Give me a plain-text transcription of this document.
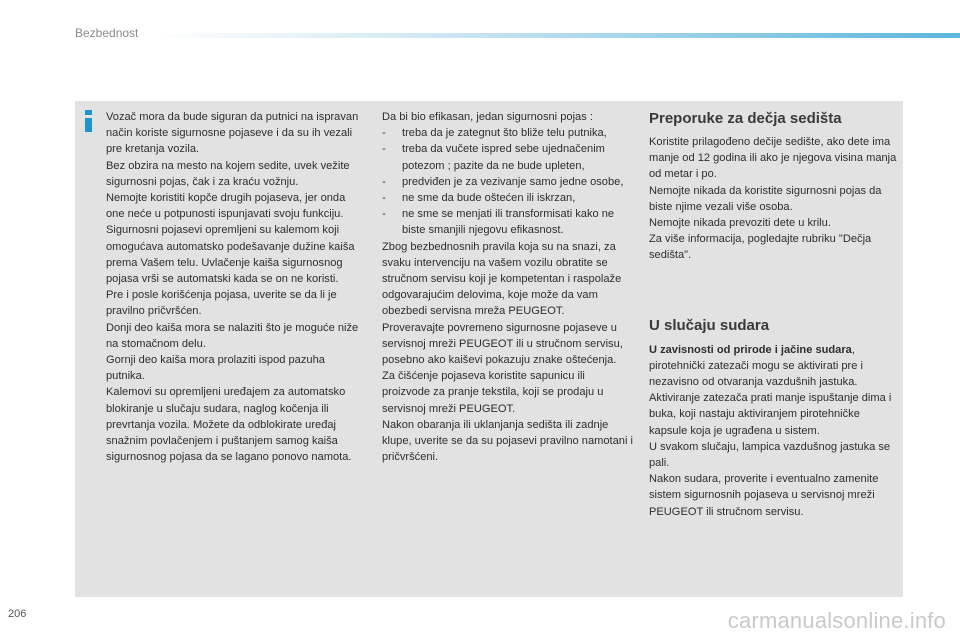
Bezbednost

Vozač mora da bude siguran da putnici na ispravan način koriste sigurnosne pojaseve i da su ih vezali pre kretanja vozila.

Bez obzira na mesto na kojem sedite, uvek vežite sigurnosni pojas, čak i za kraću vožnju.

Nemojte koristiti kopče drugih pojaseva, jer onda one neće u potpunosti ispunjavati svoju funkciju.

Sigurnosni pojasevi opremljeni su kalemom koji omogućava automatsko podešavanje dužine kaiša prema Vašem telu. Uvlačenje kaiša sigurnosnog pojasa vrši se automatski kada se on ne koristi.

Pre i posle korišćenja pojasa, uverite se da li je pravilno pričvršćen.

Donji deo kaiša mora se nalaziti što je moguće niže na stomačnom delu.

Gornji deo kaiša mora prolaziti ispod pazuha putnika.

Kalemovi su opremljeni uređajem za automatsko blokiranje u slučaju sudara, naglog kočenja ili prevrtanja vozila. Možete da odblokirate uređaj snažnim povlačenjem i puštanjem samog kaiša sigurnosnog pojasa da se lagano ponovo namota.

Da bi bio efikasan, jedan sigurnosni pojas :

- treba da je zategnut što bliže telu putnika,
- treba da vučete ispred sebe ujednačenim potezom ; pazite da ne bude upleten,
- predviđen je za vezivanje samo jedne osobe,
- ne sme da bude oštećen ili iskrzan,
- ne sme se menjati ili transformisati kako ne biste smanjili njegovu efikasnost.

Zbog bezbednosnih pravila koja su na snazi, za svaku intervenciju na vašem vozilu obratite se stručnom servisu koji je kompetentan i raspolaže odgovarajućim delovima, koje može da vam obezbedi servisna mreža PEUGEOT.

Proveravajte povremeno sigurnosne pojaseve u servisnoj mreži PEUGEOT ili u stručnom servisu, posebno ako kaiševi pokazuju znake oštećenja.

Za čišćenje pojaseva koristite sapunicu ili proizvode za pranje tekstila, koji se prodaju u servisnoj mreži PEUGEOT.

Nakon obaranja ili uklanjanja sedišta ili zadnje klupe, uverite se da su pojasevi pravilno namotani i pričvršćeni.

Preporuke za dečja sedišta

Koristite prilagođeno dečije sedište, ako dete ima manje od 12 godina ili ako je njegova visina manja od metar i po.

Nemojte nikada da koristite sigurnosni pojas da biste njime vezali više osoba.

Nemojte nikada prevoziti dete u krilu.

Za više informacija, pogledajte rubriku "Dečja sedišta".

U slučaju sudara

U zavisnosti od prirode i jačine sudara, pirotehnički zatezači mogu se aktivirati pre i nezavisno od otvaranja vazdušnih jastuka.

Aktiviranje zatezača prati manje ispuštanje dima i buka, koji nastaju aktiviranjem pirotehničke kapsule koja je ugrađena u sistem.

U svakom slučaju, lampica vazdušnog jastuka se pali.

Nakon sudara, proverite i eventualno zamenite sistem sigurnosnih pojaseva u servisnoj mreži PEUGEOT ili stručnom servisu.

206	carmanualsonline.info
